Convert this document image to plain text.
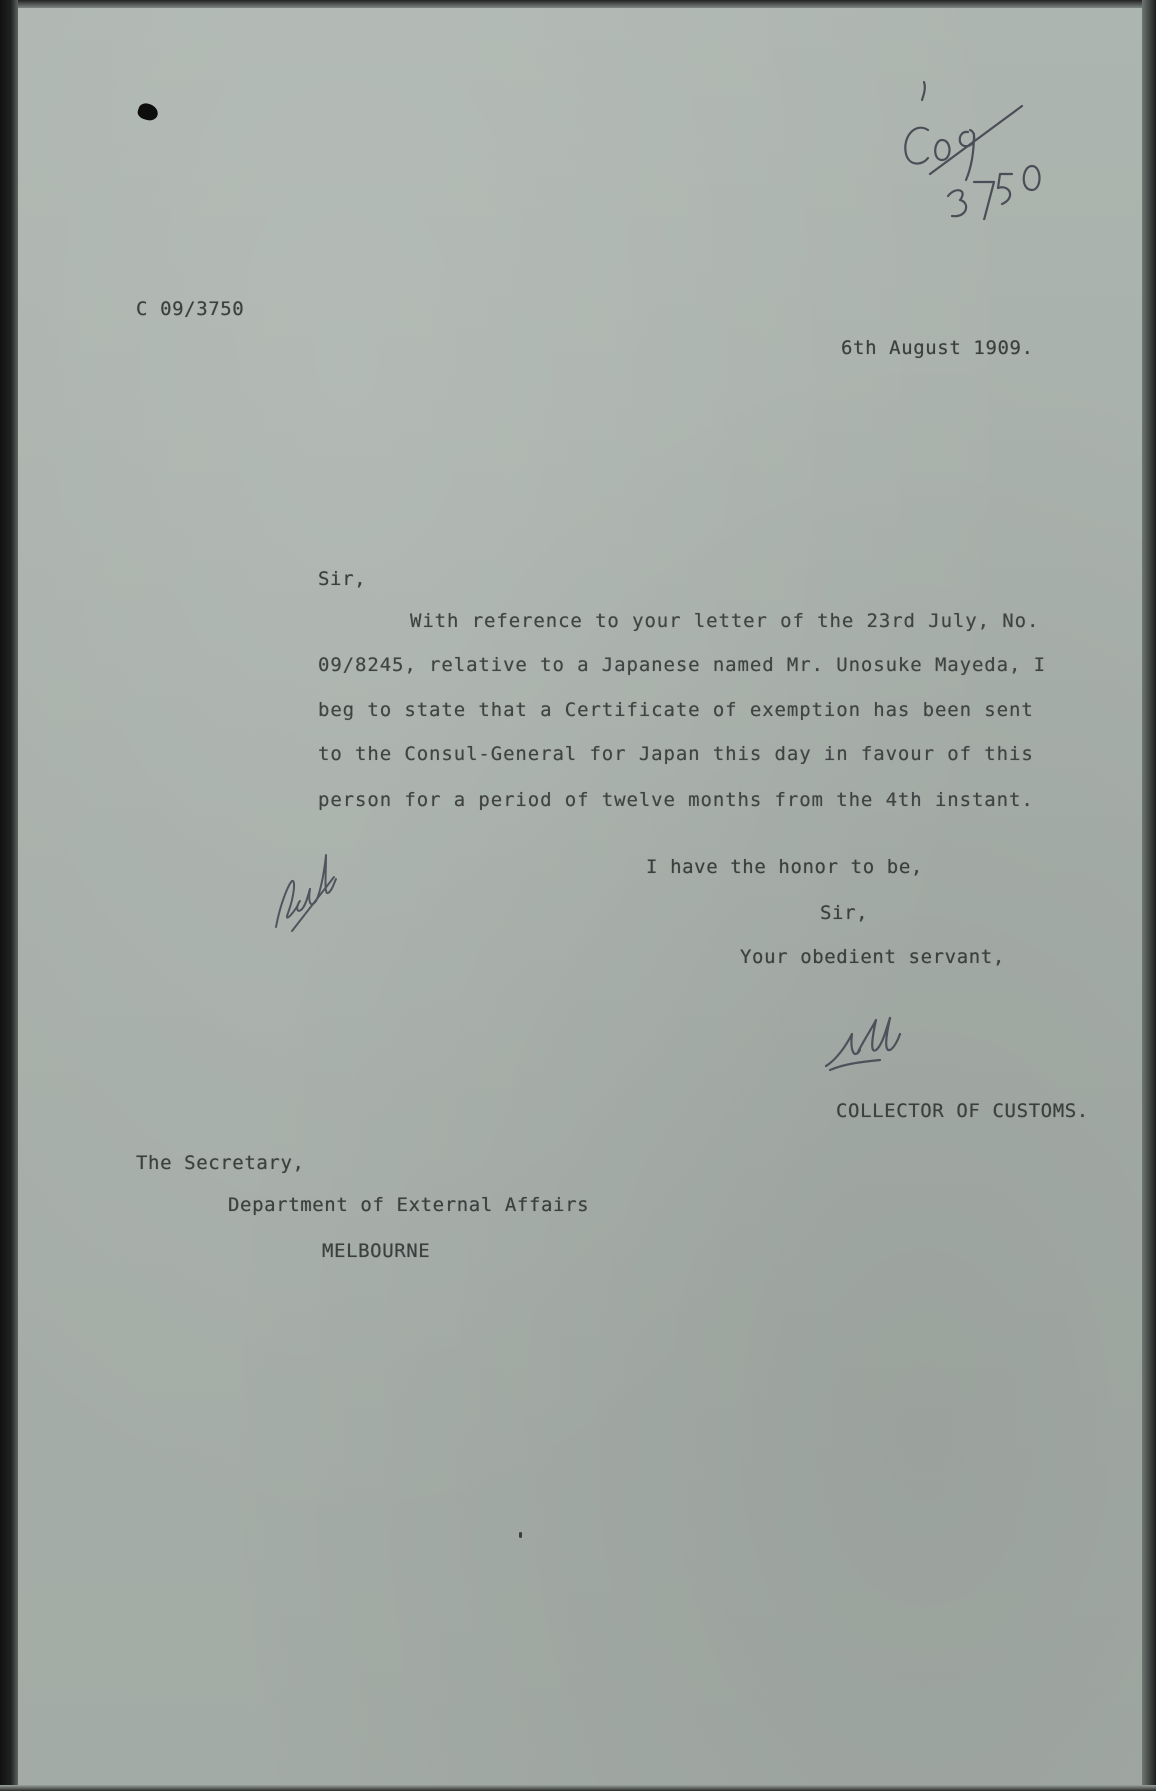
C 09/3750
6th August 1909.
Sir,
With reference to your letter of the 23rd July, No.
09/8245, relative to a Japanese named Mr. Unosuke Mayeda, I
beg to state that a Certificate of exemption has been sent
to the Consul-General for Japan this day in favour of this
person for a period of twelve months from the 4th instant.
I have the honor to be,
Sir,
Your obedient servant,
COLLECTOR OF CUSTOMS.
The Secretary,
Department of External Affairs
MELBOURNE
